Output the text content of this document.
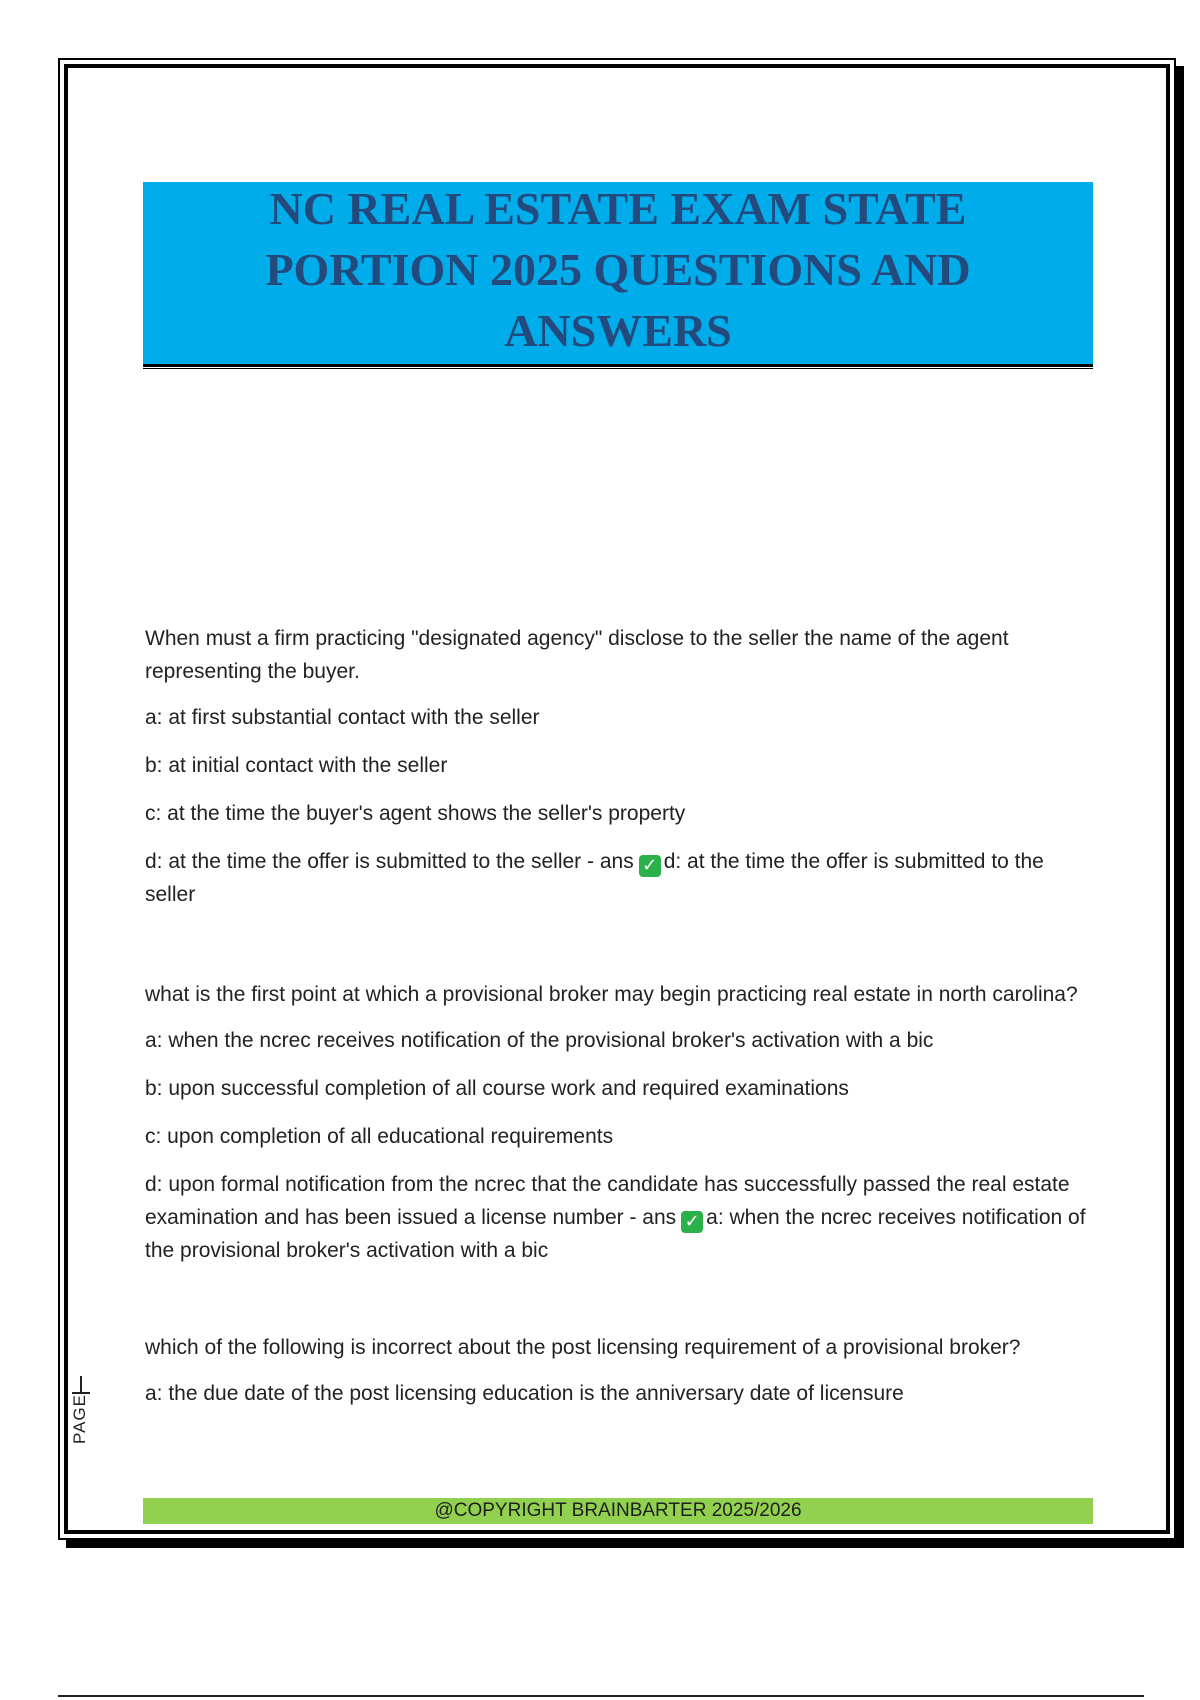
NC REAL ESTATE EXAM STATE PORTION 2025 QUESTIONS AND ANSWERS

When must a firm practicing "designated agency" disclose to the seller the name of the agent representing the buyer.

a: at first substantial contact with the seller

b: at initial contact with the seller

c: at the time the buyer's agent shows the seller's property

d: at the time the offer is submitted to the seller - ans ✓ d: at the time the offer is submitted to the seller

what is the first point at which a provisional broker may begin practicing real estate in north carolina?

a: when the ncrec receives notification of the provisional broker's activation with a bic

b: upon successful completion of all course work and required examinations

c: upon completion of all educational requirements

d: upon formal notification from the ncrec that the candidate has successfully passed the real estate examination and has been issued a license number - ans ✓ a: when the ncrec receives notification of the provisional broker's activation with a bic

which of the following is incorrect about the post licensing requirement of a provisional broker?

a: the due date of the post licensing education is the anniversary date of licensure

PAGE
@COPYRIGHT BRAINBARTER 2025/2026
